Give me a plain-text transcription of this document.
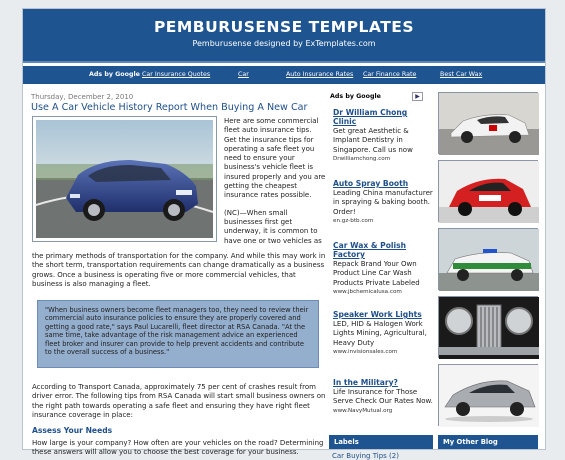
PEMBURUSENSE TEMPLATES
Pemburusense designed by ExTemplates.com
Ads by Google Car Insurance Quotes	Car	Auto Insurance Rates Car Finance Rate	Best Car Wax
Thursday, December 2, 2010
Use A Car Vehicle History Report When Buying A New Car

Here are some commercial fleet auto insurance tips. Get the insurance tips for operating a safe fleet you need to ensure your business's vehicle fleet is insured properly and you are getting the cheapest insurance rates possible.

(NC)—When small businesses first get underway, it is common to have one or two vehicles as

the primary methods of transportation for the company. And while this may work in the short term, transportation requirements can change dramatically as a business grows. Once a business is operating five or more commercial vehicles, that business is also managing a fleet.
"When business owners become fleet managers too, they need to review their commercial auto insurance policies to ensure they are properly covered and getting a good rate," says Paul Lucarelli, fleet director at RSA Canada. "At the same time, take advantage of the risk management advice an experienced fleet broker and insurer can provide to help prevent accidents and contribute to the overall success of a business."
According to Transport Canada, approximately 75 per cent of crashes result from driver error. The following tips from RSA Canada will start small business owners on the right path towards operating a safe fleet and ensuring they have right fleet insurance coverage in place:
Assess Your Needs
How large is your company? How often are your vehicles on the road? Determining these answers will allow you to choose the best coverage for your business.
Ads by Google	▶
Dr William Chong Clinic
Get great Aesthetic & Implant Dentistry in Singapore. Call us now
Drwilliamchong.com
Auto Spray Booth
Leading China manufacturer in spraying & baking booth. Order!
en.gz-btb.com
Car Wax & Polish Factory
Repack Brand Your Own Product Line Car Wash Products Private Labeled
www.jbchemicalusa.com
Speaker Work Lights
LED, HID & Halogen Work Lights Mining, Agricultural, Heavy Duty
www.invisionsales.com
In the Military?
Life Insurance for Those Serve Check Our Rates Now.
www.NavyMutual.org
Labels
Car Buying Tips (2)
My Other Blog
